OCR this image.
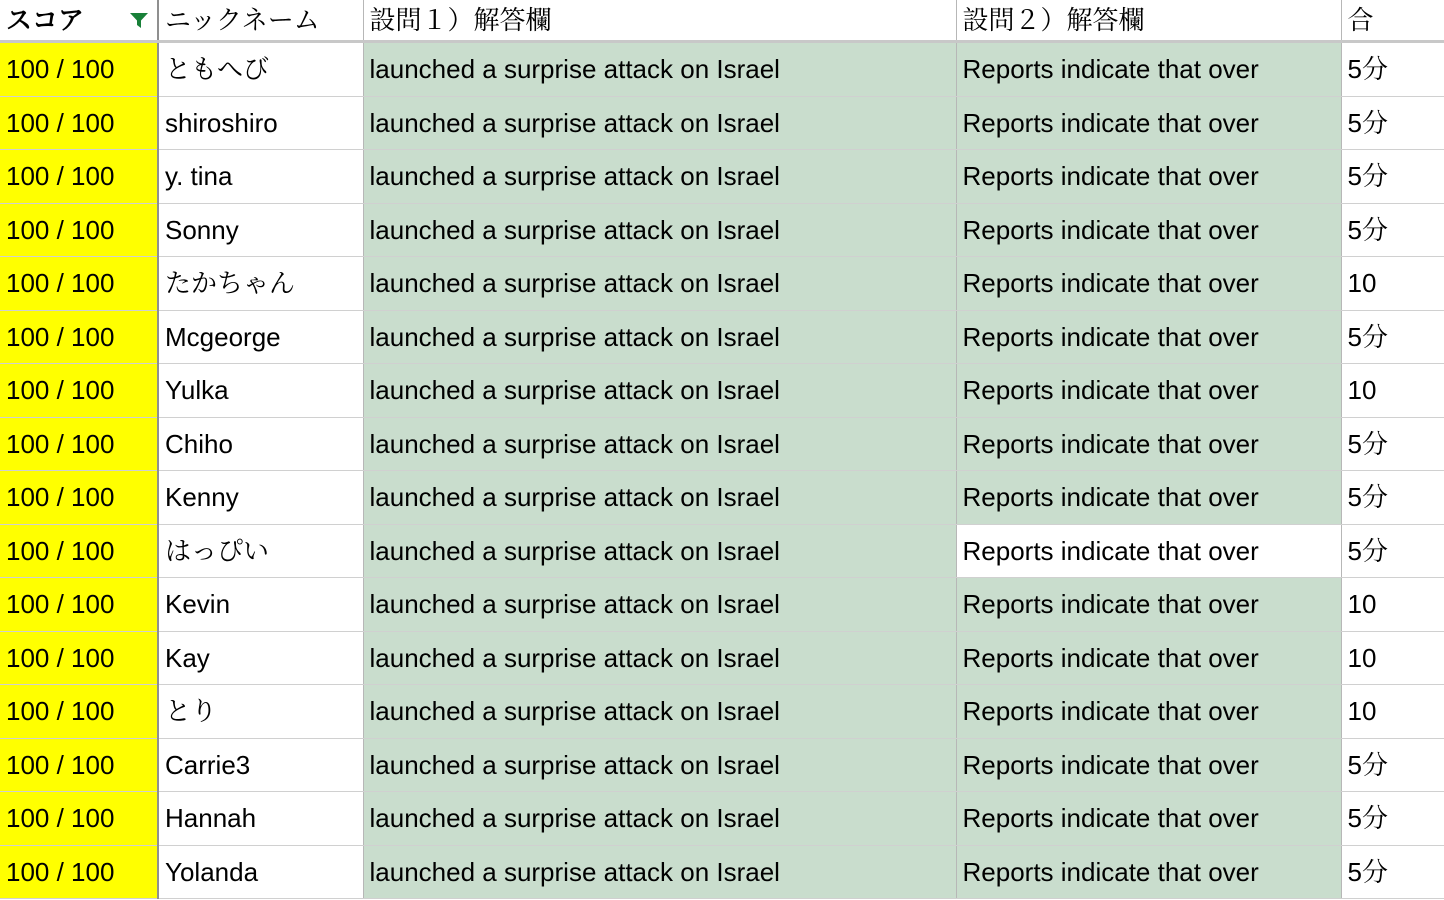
スコア	ニックネーム	設問１）解答欄	設問２）解答欄	合
100 / 100	ともへび	launched a surprise attack on Israel	Reports indicate that over	5分
100 / 100	shiroshiro	launched a surprise attack on Israel	Reports indicate that over	5分
100 / 100	y. tina	launched a surprise attack on Israel	Reports indicate that over	5分
100 / 100	Sonny	launched a surprise attack on Israel	Reports indicate that over	5分
100 / 100	たかちゃん	launched a surprise attack on Israel	Reports indicate that over	10
100 / 100	Mcgeorge	launched a surprise attack on Israel	Reports indicate that over	5分
100 / 100	Yulka	launched a surprise attack on Israel	Reports indicate that over	10
100 / 100	Chiho	launched a surprise attack on Israel	Reports indicate that over	5分
100 / 100	Kenny	launched a surprise attack on Israel	Reports indicate that over	5分
100 / 100	はっぴい	launched a surprise attack on Israel	Reports indicate that over	5分
100 / 100	Kevin	launched a surprise attack on Israel	Reports indicate that over	10
100 / 100	Kay	launched a surprise attack on Israel	Reports indicate that over	10
100 / 100	とり	launched a surprise attack on Israel	Reports indicate that over	10
100 / 100	Carrie3	launched a surprise attack on Israel	Reports indicate that over	5分
100 / 100	Hannah	launched a surprise attack on Israel	Reports indicate that over	5分
100 / 100	Yolanda	launched a surprise attack on Israel	Reports indicate that over	5分
